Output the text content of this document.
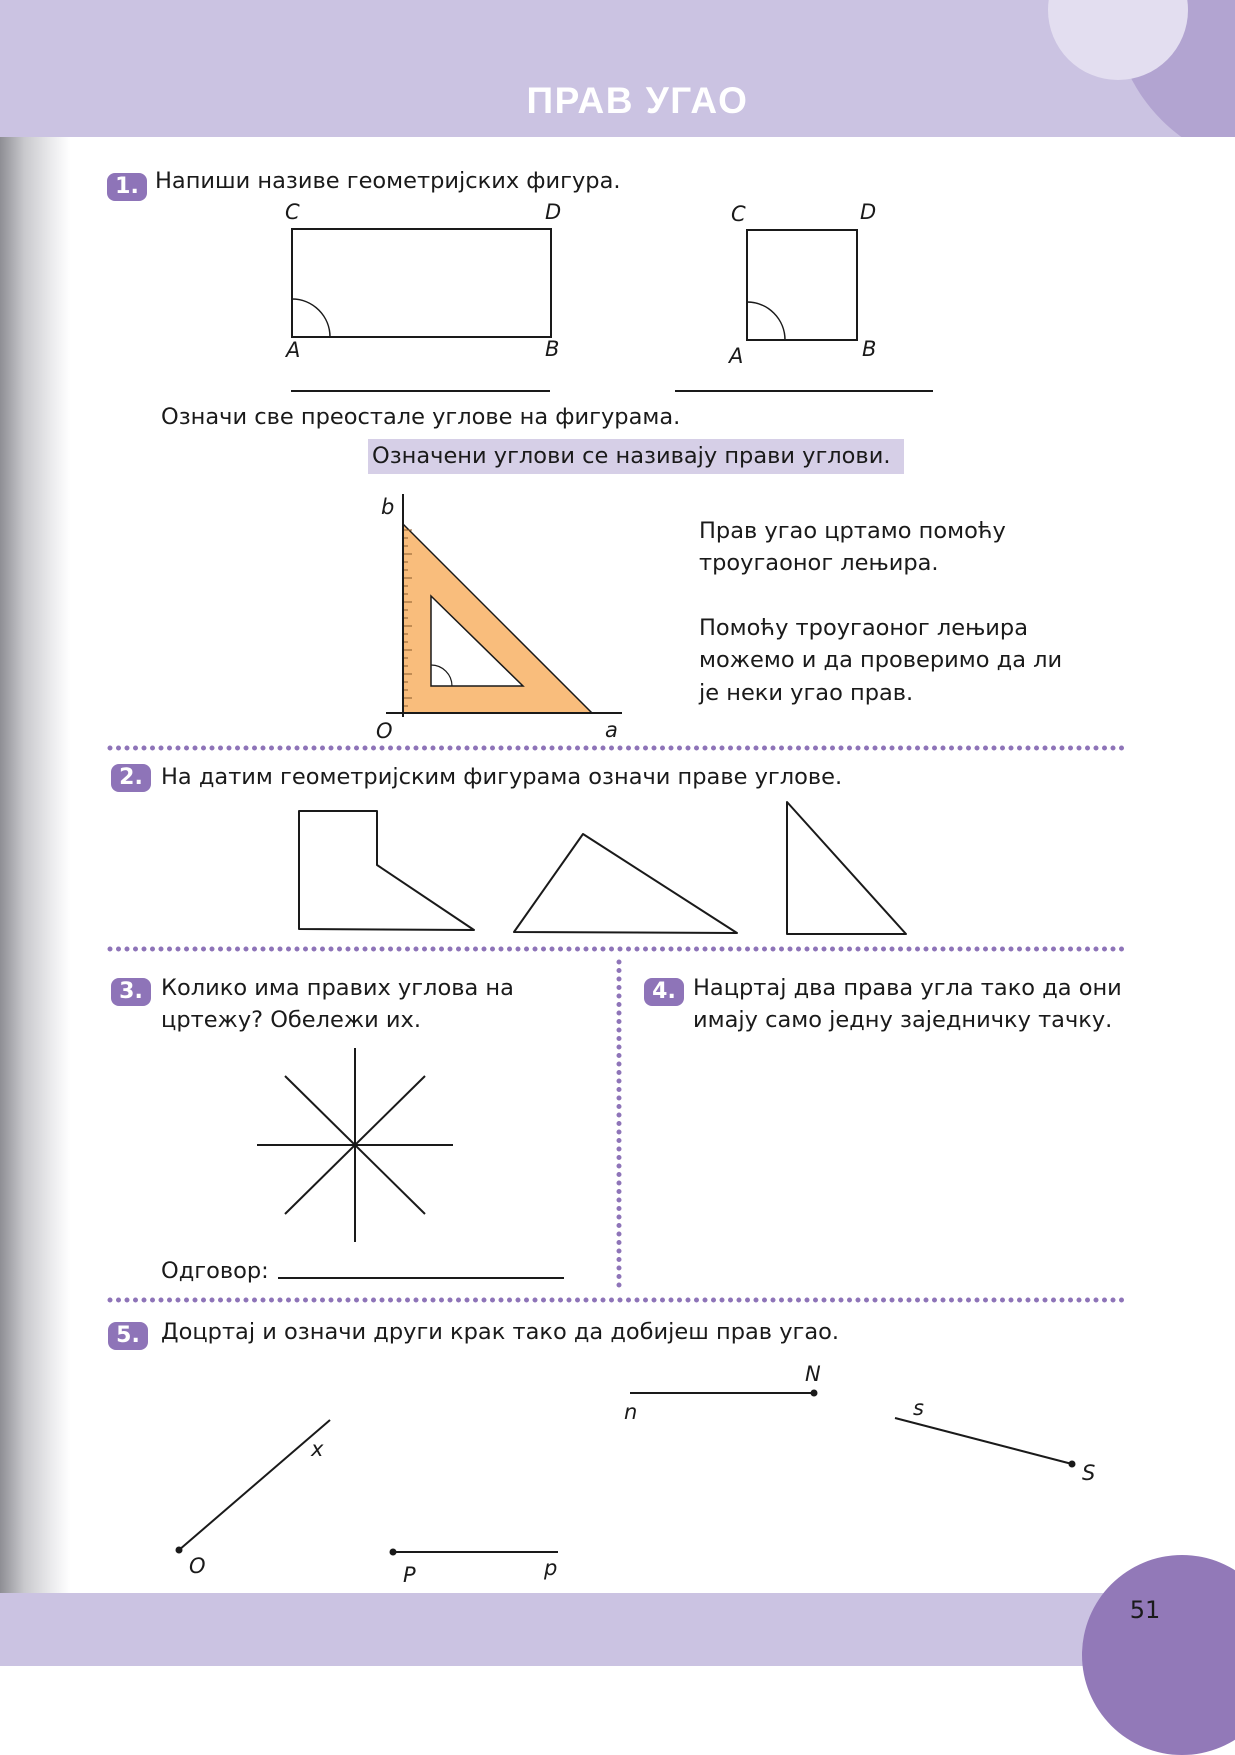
ПРАВ УГАО
1. Напиши називе геометријских фигура.
C	D
A	B
C	D
A	B
Означи све преостале углове на фигурама.
Означени углови се називају прави углови.
b
O	a
Прав угао цртамо помоћу
троугаоног лењира.
Помоћу троугаоног лењира
можемо и да проверимо да ли
је неки угао прав.
2. На датим геометријским фигурама означи праве углове.
3. Колико има правих углова на
цртежу? Обележи их.
Одговор:
4. Нацртај два права угла тако да они
имају само једну заједничку тачку.
5. Доцртај и означи други крак тако да добијеш прав угао.
x
O	P	p
n
N
s
S
51
